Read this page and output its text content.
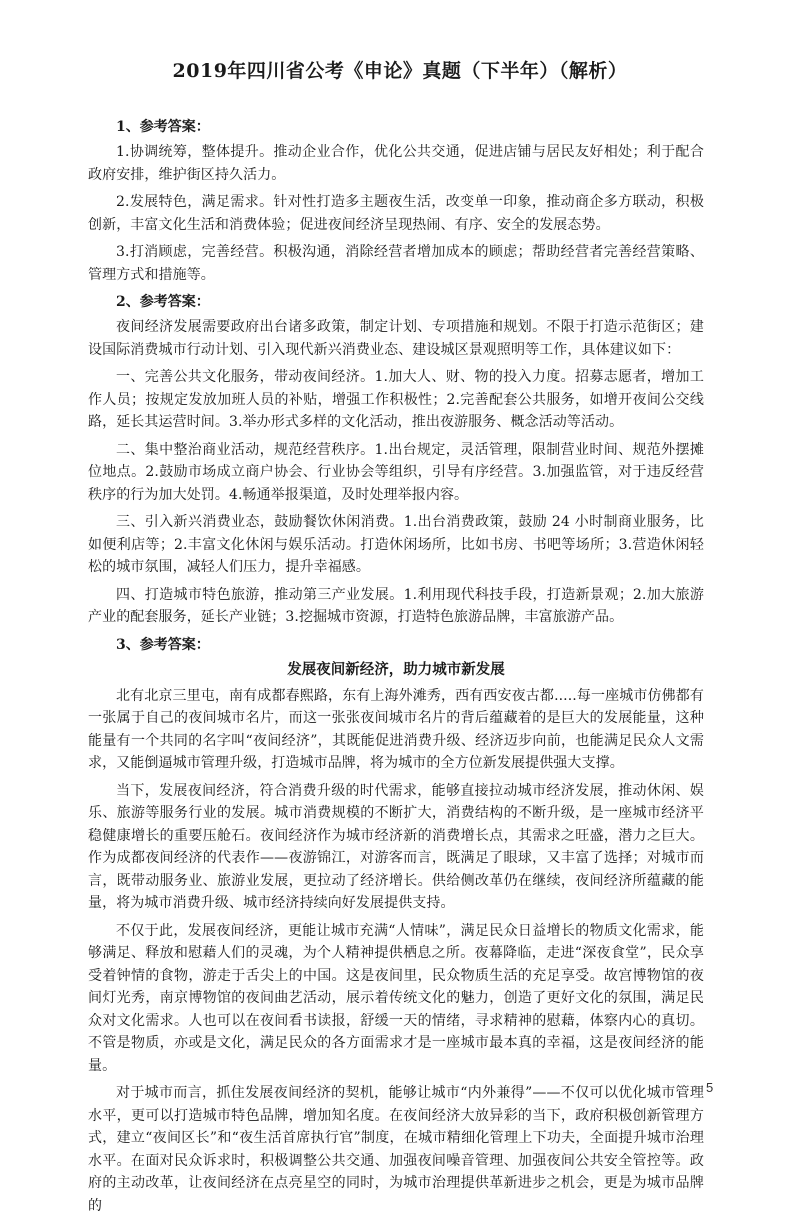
2019年四川省公考《申论》真题（下半年）（解析）
1、参考答案：

1.协调统筹，整体提升。推动企业合作，优化公共交通，促进店铺与居民友好相处；利于配合政府安排，维护街区持久活力。

2.发展特色，满足需求。针对性打造多主题夜生活，改变单一印象，推动商企多方联动，积极创新，丰富文化生活和消费体验；促进夜间经济呈现热闹、有序、安全的发展态势。

3.打消顾虑，完善经营。积极沟通，消除经营者增加成本的顾虑；帮助经营者完善经营策略、管理方式和措施等。

2、参考答案：

夜间经济发展需要政府出台诸多政策，制定计划、专项措施和规划。不限于打造示范街区；建设国际消费城市行动计划、引入现代新兴消费业态、建设城区景观照明等工作，具体建议如下：

一、完善公共文化服务，带动夜间经济。1.加大人、财、物的投入力度。招募志愿者，增加工作人员；按规定发放加班人员的补贴，增强工作积极性；2.完善配套公共服务，如增开夜间公交线路，延长其运营时间。3.举办形式多样的文化活动，推出夜游服务、概念活动等活动。

二、集中整治商业活动，规范经营秩序。1.出台规定，灵活管理，限制营业时间、规范外摆摊位地点。2.鼓励市场成立商户协会、行业协会等组织，引导有序经营。3.加强监管，对于违反经营秩序的行为加大处罚。4.畅通举报渠道，及时处理举报内容。

三、引入新兴消费业态，鼓励餐饮休闲消费。1.出台消费政策，鼓励 24 小时制商业服务，比如便利店等；2.丰富文化休闲与娱乐活动。打造休闲场所，比如书房、书吧等场所；3.营造休闲轻松的城市氛围，减轻人们压力，提升幸福感。

四、打造城市特色旅游，推动第三产业发展。1.利用现代科技手段，打造新景观；2.加大旅游产业的配套服务，延长产业链；3.挖掘城市资源，打造特色旅游品牌，丰富旅游产品。

3、参考答案：
发展夜间新经济，助力城市新发展

北有北京三里屯，南有成都春熙路，东有上海外滩秀，西有西安夜古都.....每一座城市仿佛都有一张属于自己的夜间城市名片，而这一张张夜间城市名片的背后蕴藏着的是巨大的发展能量，这种能量有一个共同的名字叫“夜间经济”，其既能促进消费升级、经济迈步向前，也能满足民众人文需求，又能倒逼城市管理升级，打造城市品牌，将为城市的全方位新发展提供强大支撑。

当下，发展夜间经济，符合消费升级的时代需求，能够直接拉动城市经济发展，推动休闲、娱乐、旅游等服务行业的发展。城市消费规模的不断扩大，消费结构的不断升级，是一座城市经济平稳健康增长的重要压舱石。夜间经济作为城市经济新的消费增长点，其需求之旺盛，潜力之巨大。作为成都夜间经济的代表作——夜游锦江，对游客而言，既满足了眼球，又丰富了选择；对城市而言，既带动服务业、旅游业发展，更拉动了经济增长。供给侧改革仍在继续，夜间经济所蕴藏的能量，将为城市消费升级、城市经济持续向好发展提供支持。

不仅于此，发展夜间经济，更能让城市充满“人情味”，满足民众日益增长的物质文化需求，能够满足、释放和慰藉人们的灵魂，为个人精神提供栖息之所。夜幕降临，走进“深夜食堂”，民众享受着钟情的食物，游走于舌尖上的中国。这是夜间里，民众物质生活的充足享受。故宫博物馆的夜间灯光秀，南京博物馆的夜间曲艺活动，展示着传统文化的魅力，创造了更好文化的氛围，满足民众对文化需求。人也可以在夜间看书读报，舒缓一天的情绪，寻求精神的慰藉，体察内心的真切。不管是物质，亦或是文化，满足民众的各方面需求才是一座城市最本真的幸福，这是夜间经济的能量。

对于城市而言，抓住发展夜间经济的契机，能够让城市“内外兼得”——不仅可以优化城市管理水平，更可以打造城市特色品牌，增加知名度。在夜间经济大放异彩的当下，政府积极创新管理方式，建立“夜间区长”和“夜生活首席执行官”制度，在城市精细化管理上下功夫，全面提升城市治理水平。在面对民众诉求时，积极调整公共交通、加强夜间噪音管理、加强夜间公共安全管控等。政府的主动改革，让夜间经济在点亮星空的同时，为城市治理提供革新进步之机会，更是为城市品牌的

5
